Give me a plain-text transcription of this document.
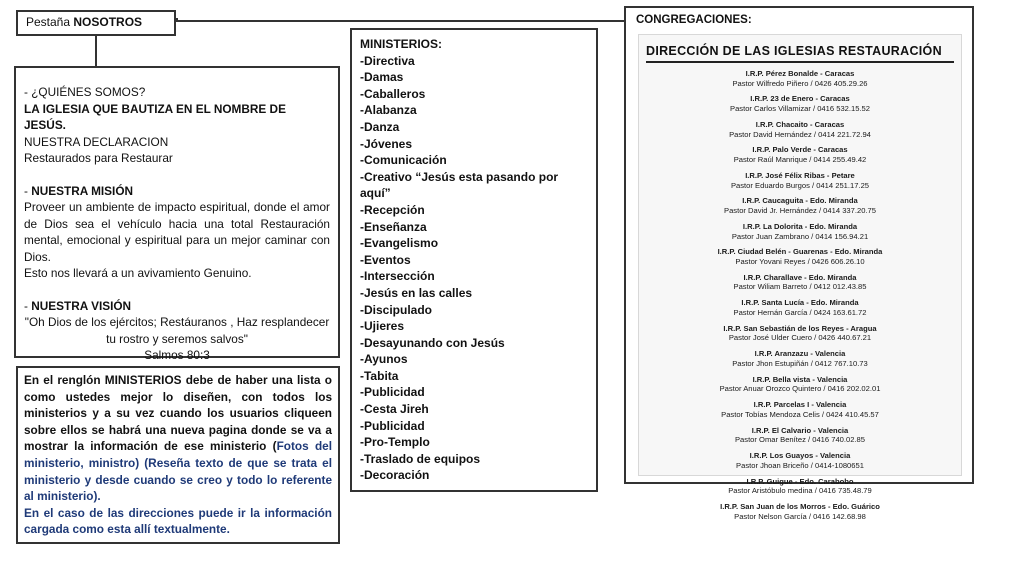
Pestaña NOSOTROS

- ¿QUIÉNES SOMOS?

LA IGLESIA QUE BAUTIZA EN EL NOMBRE DE JESÚS.

NUESTRA DECLARACION

Restaurados para Restaurar

- NUESTRA MISIÓN

Proveer un ambiente de impacto espiritual, donde el amor de Dios sea el vehículo hacia una total Restauración mental, emocional y espiritual para un mejor caminar con Dios.

Esto nos llevará a un avivamiento Genuino.

- NUESTRA VISIÓN

"Oh Dios de los ejércitos; Restáuranos , Haz resplandecer tu rostro y seremos salvos"

Salmos 80:3

En el renglón MINISTERIOS debe de haber una lista o como ustedes mejor lo diseñen, con todos los ministerios y a su vez cuando los usuarios cliqueen sobre ellos se habrá una nueva pagina donde se va a mostrar la información de ese ministerio (Fotos del ministerio, ministro) (Reseña texto de que se trata el ministerio y desde cuando se creo y todo lo referente al ministerio).
En el caso de las direcciones puede ir la información cargada como esta allí textualmente.
MINISTERIOS:
-Directiva
-Damas
-Caballeros
-Alabanza
-Danza
-Jóvenes
-Comunicación
-Creativo “Jesús esta pasando por aquí”
-Recepción
-Enseñanza
-Evangelismo
-Eventos
-Intersección
-Jesús en las calles
-Discipulado
-Ujieres
-Desayunando con Jesús
-Ayunos
-Tabita
-Publicidad
-Cesta Jireh
-Publicidad
-Pro-Templo
-Traslado de equipos
-Decoración
CONGREGACIONES:
DIRECCIÓN DE LAS IGLESIAS RESTAURACIÓN
I.R.P. Pérez Bonalde - Caracas
Pastor Wilfredo Piñero / 0426 405.29.26
I.R.P. 23 de Enero - Caracas
Pastor Carlos Villamizar / 0416 532.15.52
I.R.P. Chacaito - Caracas
Pastor David Hernández / 0414 221.72.94
I.R.P. Palo Verde - Caracas
Pastor Raúl Manrique / 0414 255.49.42
I.R.P. José Félix Ribas - Petare
Pastor Eduardo Burgos / 0414 251.17.25
I.R.P. Caucaguita - Edo. Miranda
Pastor David Jr. Hernández / 0414 337.20.75
I.R.P. La Dolorita - Edo. Miranda
Pastor Juan Zambrano / 0414 156.94.21
I.R.P. Ciudad Belén - Guarenas - Edo. Miranda
Pastor Yovani Reyes / 0426 606.26.10
I.R.P. Charallave - Edo. Miranda
Pastor Wiliam Barreto / 0412 012.43.85
I.R.P. Santa Lucía - Edo. Miranda
Pastor Hernán García / 0424 163.61.72
I.R.P. San Sebastián de los Reyes - Aragua
Pastor José Ulder Cuero / 0426 440.67.21
I.R.P. Aranzazu - Valencia
Pastor Jhon Estupiñán / 0412 767.10.73
I.R.P. Bella vista - Valencia
Pastor Anuar Orozco Quintero / 0416 202.02.01
I.R.P. Parcelas I - Valencia
Pastor Tobías Mendoza Celis / 0424 410.45.57
I.R.P. El Calvario - Valencia
Pastor Omar Benítez / 0416 740.02.85
I.R.P. Los Guayos - Valencia
Pastor Jhoan Briceño / 0414-1080651
I.R.P. Guigue - Edo. Carabobo
Pastor Aristóbulo medina / 0416 735.48.79
I.R.P. San Juan de los Morros - Edo. Guárico
Pastor Nelson García / 0416 142.68.98
